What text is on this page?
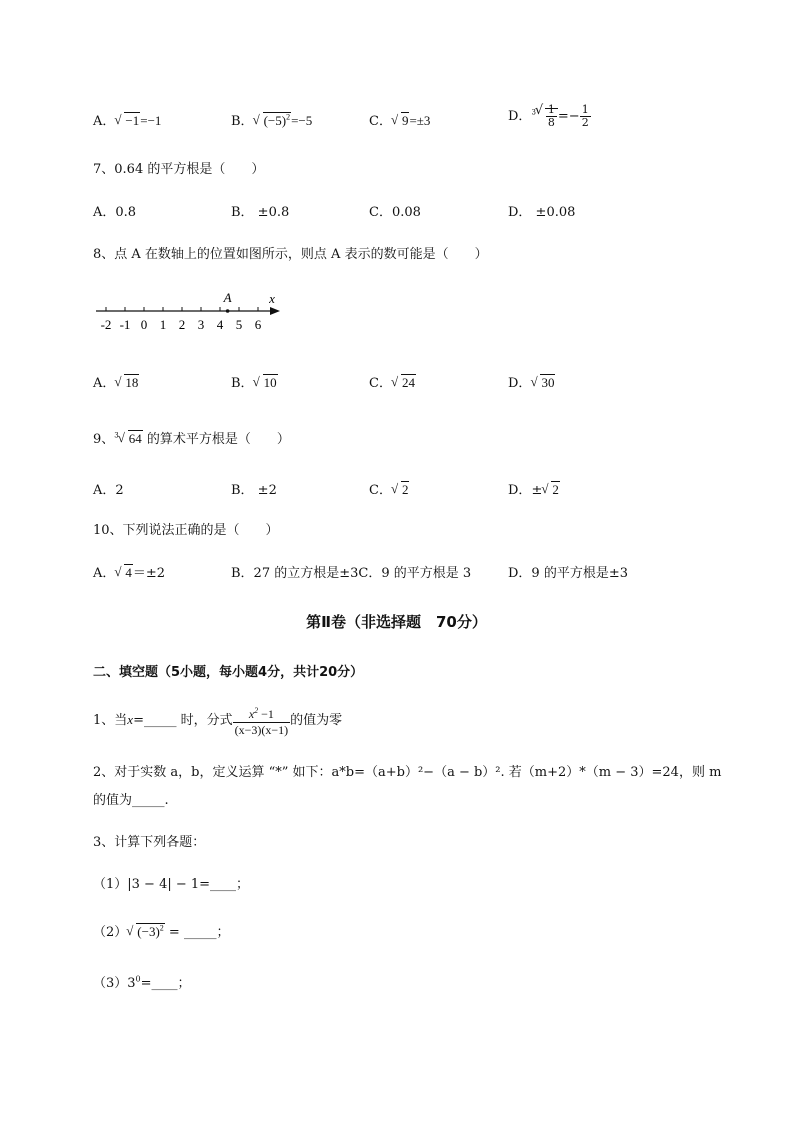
A． √ −1=−1	B． √ $(-5)^2=-5$	C． √ 9=±3	D．$^3$ √ $\frac{1}{8} =- \frac{1}{2}$
7、0.64 的平方根是（　　）
A．0.8	B． ±0.8	C．0.08	D． ±0.08
8、点 A 在数轴上的位置如图所示，则点 A 表示的数可能是（　　）
-2 -1 0 1 2 3 4 5 6
A	x
A． √ 18	B． √ 10	C． √ 24	D． √ 30
9、$^3$ √ 64 的算术平方根是（　　）
A．2	B． ±2	C． √ 2	D．± √ 2
10、下列说法正确的是（　　）
A． √ 4＝±2	B．27 的立方根是±3C．9 的平方根是 3	D．9 的平方根是±3
第Ⅱ卷（非选择题　70分）
二、填空题（5小题，每小题4分，共计20分）
1、当x=_____ 时，分式 $\frac{x^2 -1}{(x-3)(x-1)}$ 的值为零
2、对于实数 a，b，定义运算 “*” 如下：a*b=（a+b）²−（a − b）². 若（m+2）*（m − 3）=24，则 m
的值为_____.
3、计算下列各题：
（1）|3 − 4| − 1=____；
（2） √ $(-3)^2$ = _____；
$(3)3^0=\_\_\_\_$；
